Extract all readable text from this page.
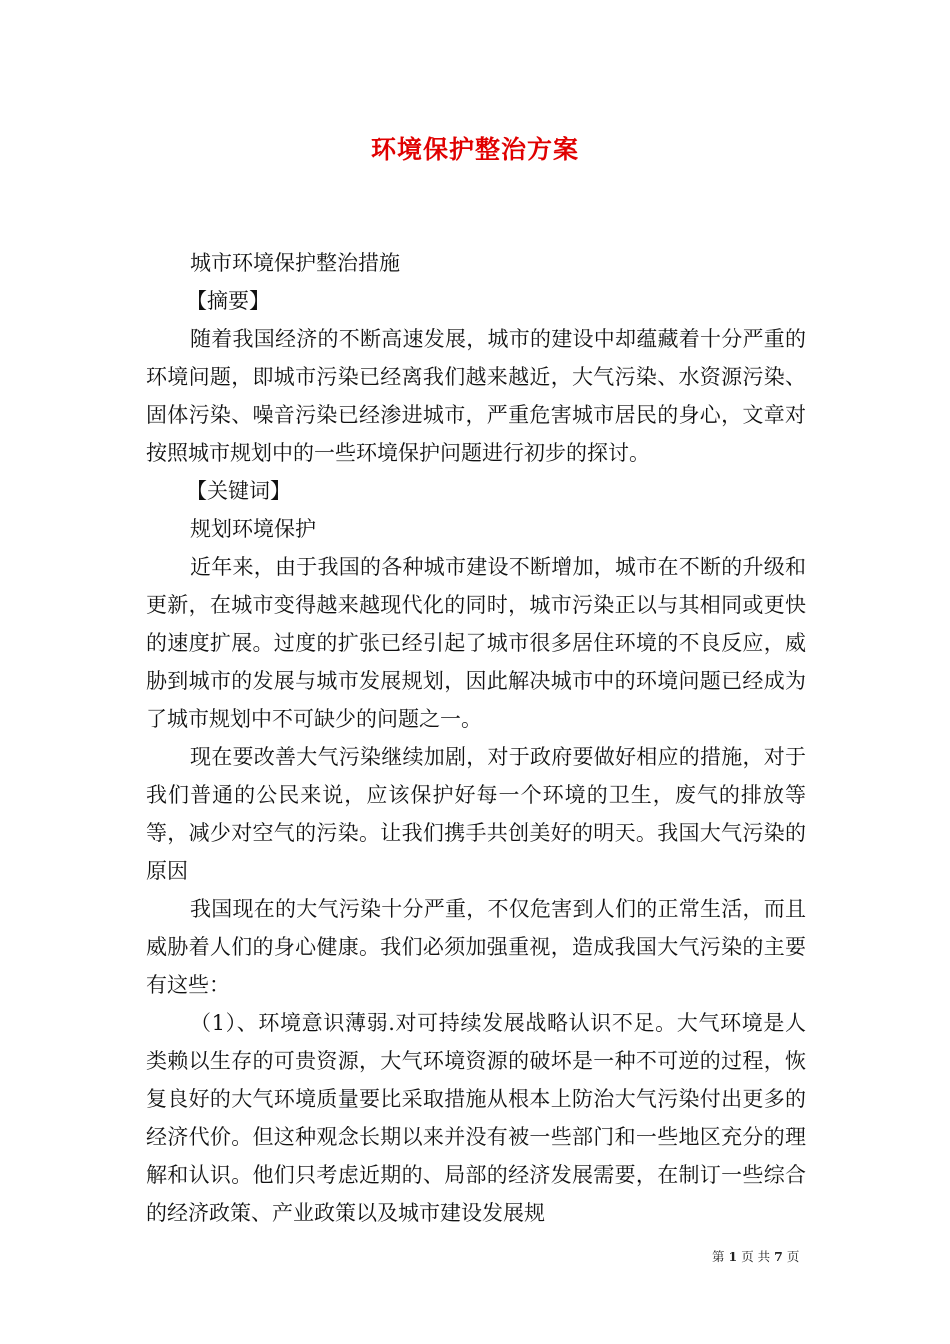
环境保护整治方案

城市环境保护整治措施

【摘要】

随着我国经济的不断高速发展，城市的建设中却蕴藏着十分严重的环境问题，即城市污染已经离我们越来越近，大气污染、水资源污染、固体污染、噪音污染已经渗进城市，严重危害城市居民的身心，文章对按照城市规划中的一些环境保护问题进行初步的探讨。

【关键词】

规划环境保护

近年来，由于我国的各种城市建设不断增加，城市在不断的升级和更新，在城市变得越来越现代化的同时，城市污染正以与其相同或更快的速度扩展。过度的扩张已经引起了城市很多居住环境的不良反应，威胁到城市的发展与城市发展规划，因此解决城市中的环境问题已经成为了城市规划中不可缺少的问题之一。

现在要改善大气污染继续加剧，对于政府要做好相应的措施，对于我们普通的公民来说，应该保护好每一个环境的卫生，废气的排放等等，减少对空气的污染。让我们携手共创美好的明天。我国大气污染的原因

我国现在的大气污染十分严重，不仅危害到人们的正常生活，而且威胁着人们的身心健康。我们必须加强重视，造成我国大气污染的主要有这些：

（1）、环境意识薄弱.对可持续发展战略认识不足。大气环境是人类赖以生存的可贵资源，大气环境资源的破坏是一种不可逆的过程，恢复良好的大气环境质量要比采取措施从根本上防治大气污染付出更多的经济代价。但这种观念长期以来并没有被一些部门和一些地区充分的理解和认识。他们只考虑近期的、局部的经济发展需要，在制订一些综合的经济政策、产业政策以及城市建设发展规

第 1 页 共 7 页
